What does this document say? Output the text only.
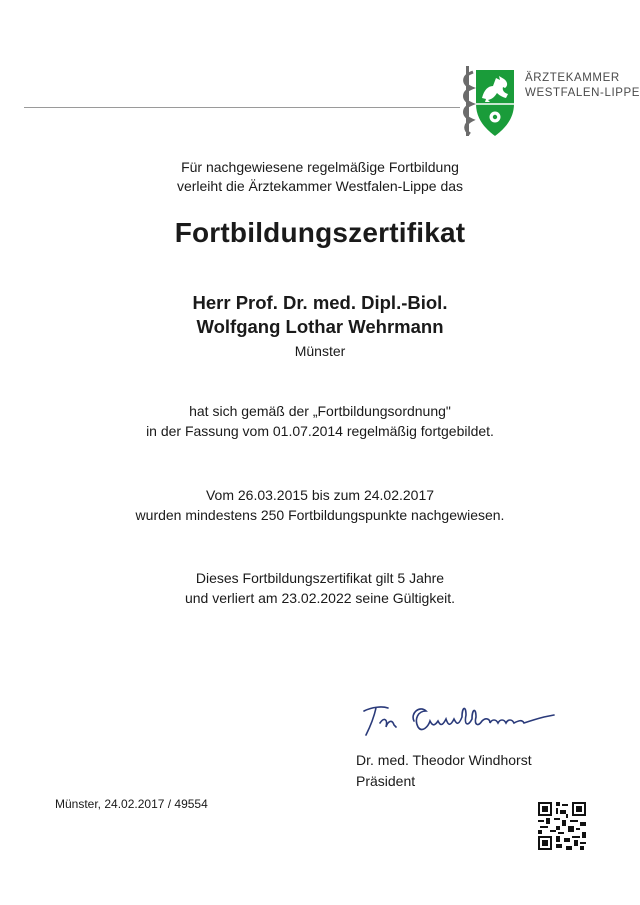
ÄRZTEKAMMER
WESTFALEN-LIPPE
Für nachgewiesene regelmäßige Fortbildung
verleiht die Ärztekammer Westfalen-Lippe das
Fortbildungszertifikat
Herr Prof. Dr. med. Dipl.-Biol.
Wolfgang Lothar Wehrmann
Münster
hat sich gemäß der „Fortbildungsordnung"
in der Fassung vom 01.07.2014 regelmäßig fortgebildet.
Vom 26.03.2015 bis zum 24.02.2017
wurden mindestens 250 Fortbildungspunkte nachgewiesen.
Dieses Fortbildungszertifikat gilt 5 Jahre
und verliert am 23.02.2022 seine Gültigkeit.
Dr. med. Theodor Windhorst
Präsident
Münster, 24.02.2017 / 49554
